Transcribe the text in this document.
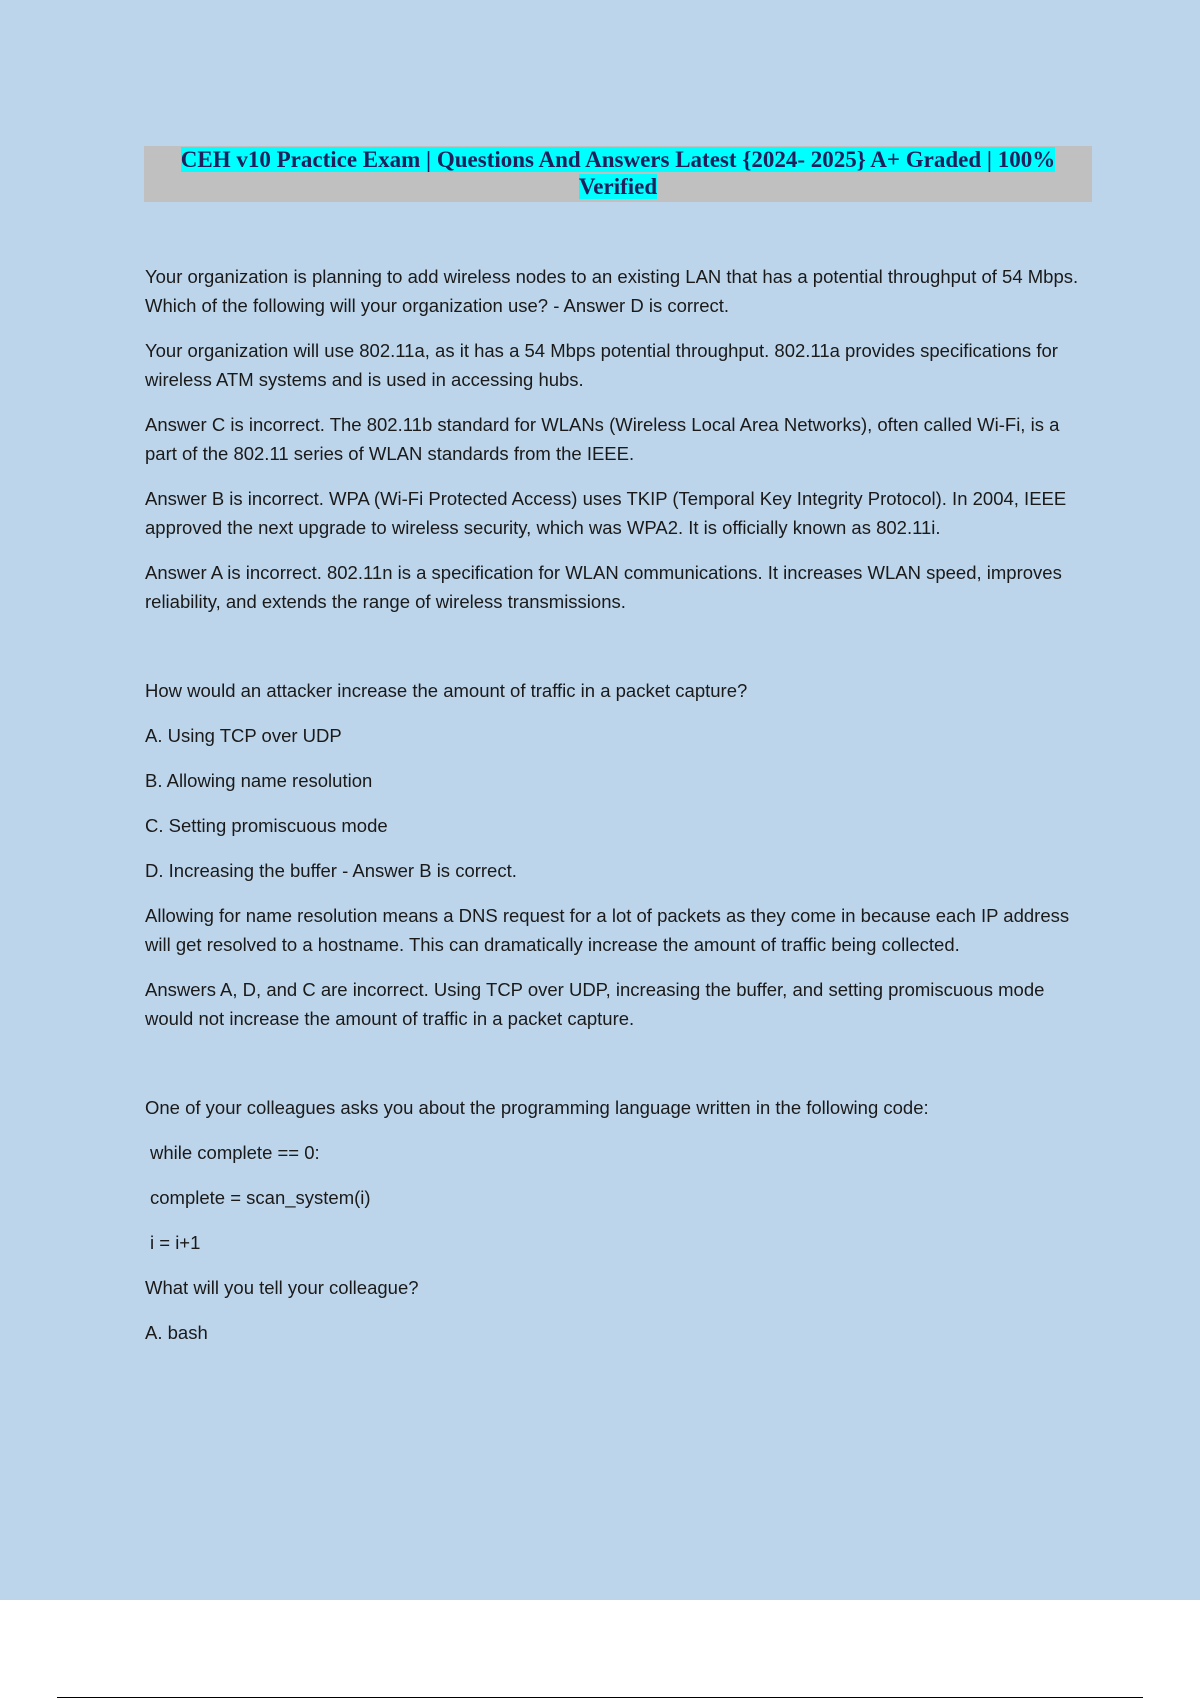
CEH v10 Practice Exam | Questions And Answers Latest {2024- 2025} A+ Graded | 100% Verified

Your organization is planning to add wireless nodes to an existing LAN that has a potential throughput of 54 Mbps. Which of the following will your organization use? - Answer D is correct.

Your organization will use 802.11a, as it has a 54 Mbps potential throughput. 802.11a provides specifications for wireless ATM systems and is used in accessing hubs.

Answer C is incorrect. The 802.11b standard for WLANs (Wireless Local Area Networks), often called Wi-Fi, is a part of the 802.11 series of WLAN standards from the IEEE.

Answer B is incorrect. WPA (Wi-Fi Protected Access) uses TKIP (Temporal Key Integrity Protocol). In 2004, IEEE approved the next upgrade to wireless security, which was WPA2. It is officially known as 802.11i.

Answer A is incorrect. 802.11n is a specification for WLAN communications. It increases WLAN speed, improves reliability, and extends the range of wireless transmissions.

How would an attacker increase the amount of traffic in a packet capture?

A. Using TCP over UDP

B. Allowing name resolution

C. Setting promiscuous mode

D. Increasing the buffer - Answer B is correct.

Allowing for name resolution means a DNS request for a lot of packets as they come in because each IP address will get resolved to a hostname. This can dramatically increase the amount of traffic being collected.

Answers A, D, and C are incorrect. Using TCP over UDP, increasing the buffer, and setting promiscuous mode would not increase the amount of traffic in a packet capture.

One of your colleagues asks you about the programming language written in the following code:

while complete == 0:

complete = scan_system(i)

i = i+1

What will you tell your colleague?

A. bash
